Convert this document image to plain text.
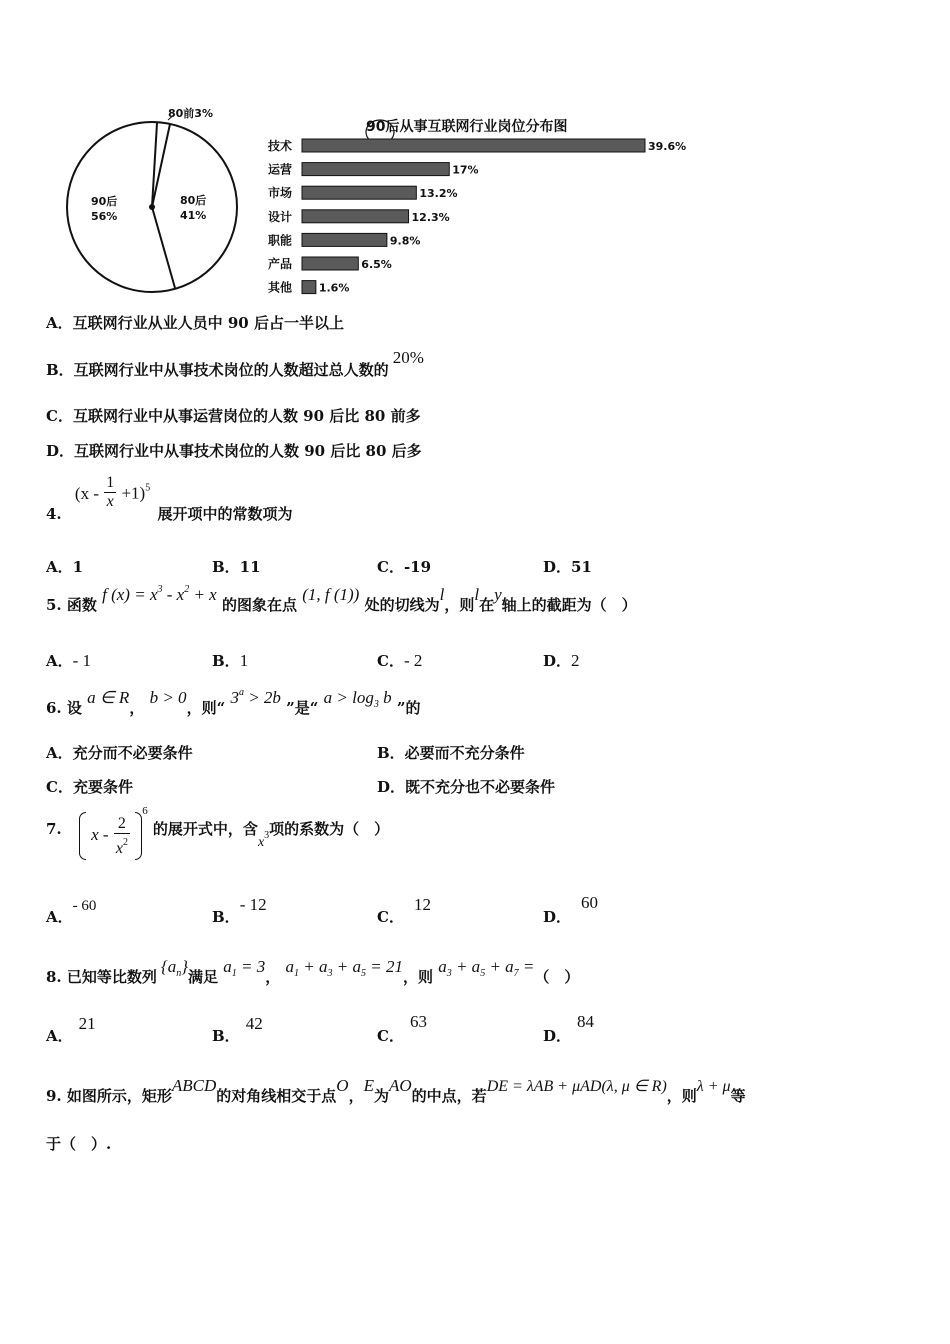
80前3%
90后
56%
80后
41%
90后从事互联网行业岗位分布图
技术	39.6%
运营	17%
市场	13.2%
设计	12.3%
职能	9.8%
产品	6.5%
其他 1.6%
A．互联网行业从业人员中 90 后占一半以上
B．互联网行业中从事技术岗位的人数超过总人数的20%
C．互联网行业中从事运营岗位的人数 90 后比 80 前多
D．互联网行业中从事技术岗位的人数 90 后比 80 后多
4. $(x - \frac{1}{x} +1)^5$ 展开项中的常数项为
A．1	B．11	C．-19	D．51
5. 函数 f $(x) = x^3 - x^2 + x$ 的图象在点 (1, f (1)) 处的切线为l，则l在y轴上的截距为（　）
A．- 1	B．1	C．- 2	D．2
6. 设 a ∈ R， b > 0，则“ $3^a > 2b$ ”是“ $a > \log_3 b$ ”的
A．充分而不必要条件	B．必要而不充分条件
C．充要条件	D．既不充分也不必要条件
7. x - $\frac{2}{x^2}$
$^6$ 的展开式中，含$x^3$项的系数为（　）
A．- 60
B．- 12
C．12
D．60
8. 已知等比数列$\{a_n\}$满足 $a_1 = 3$， $a_1 + a_3 + a_5 = 21$，则 $a_3 + a_5 + a_7$ =（　）
A．21
B．42
C．63
D．84
9. 如图所示，矩形ABCD的对角线相交于点O，E为AO的中点，若DE = λAB + μAD(λ, μ ∈ R)，则λ + μ等
于（　）.
